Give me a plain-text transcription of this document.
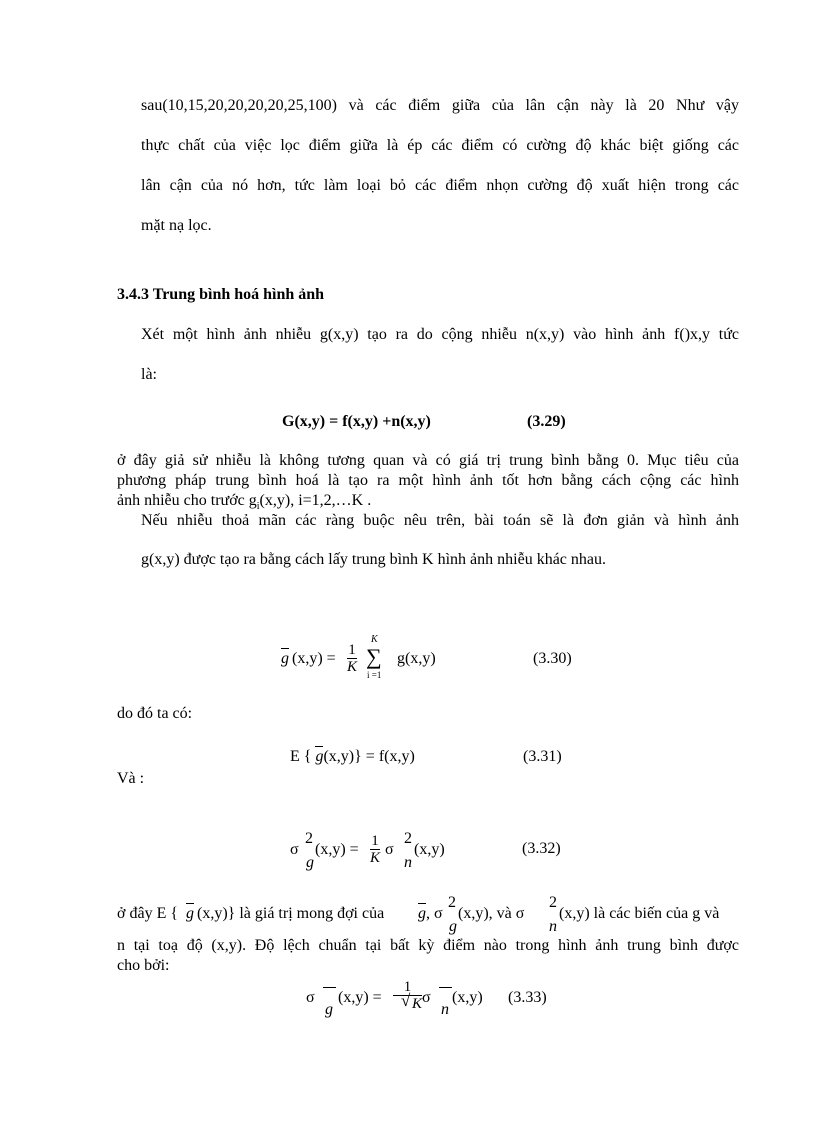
sau(10,15,20,20,20,20,25,100) và các điểm giữa của lân cận này là 20 Như vậy
thực chất của việc lọc điểm giữa là ép các điểm có cường độ khác biệt giống các
lân cận của nó hơn, tức làm loại bỏ các điểm nhọn cường độ xuất hiện trong các
mặt nạ lọc.
3.4.3 Trung bình hoá hình ảnh
Xét một hình ảnh nhiễu g(x,y) tạo ra do cộng nhiễu n(x,y) vào hình ảnh f()x,y tức
là:
G(x,y) = f(x,y) +n(x,y)	(3.29)
ở đây giả sử nhiễu là không tương quan và có giá trị trung bình bằng 0. Mục tiêu của
phương pháp trung bình hoá là tạo ra một hình ảnh tốt hơn bằng cách cộng các hình
ảnh nhiễu cho trước $g_i(x,y)$, i=1,2,…K .
Nếu nhiễu thoả mãn các ràng buộc nêu trên, bài toán sẽ là đơn giản và hình ảnh
g(x,y) được tạo ra bằng cách lấy trung bình K hình ảnh nhiễu khác nhau.
g $(x,y) = \frac{1}{K}$
K
∑
i =1
g(x,y)	(3.30)
do đó ta có:
E { g(x,y)} = f(x,y)	(3.31)
Và :
σ
2
g
$(x,y) = \frac{1}{K}$ σ
2
n
(x,y)	(3.32)
ở đây E { g (x,y)} là giá trị mong đợi của g , σ
2
g
(x,y), và σ
2
n
(x,y) là các biến của g và
n tại toạ độ (x,y). Độ lệch chuẩn tại bất kỳ điểm nào trong hình ảnh trung bình được
cho bởi:
σ
g
(x,y) = 1
√ K σ
n
(x,y) (3.33)
